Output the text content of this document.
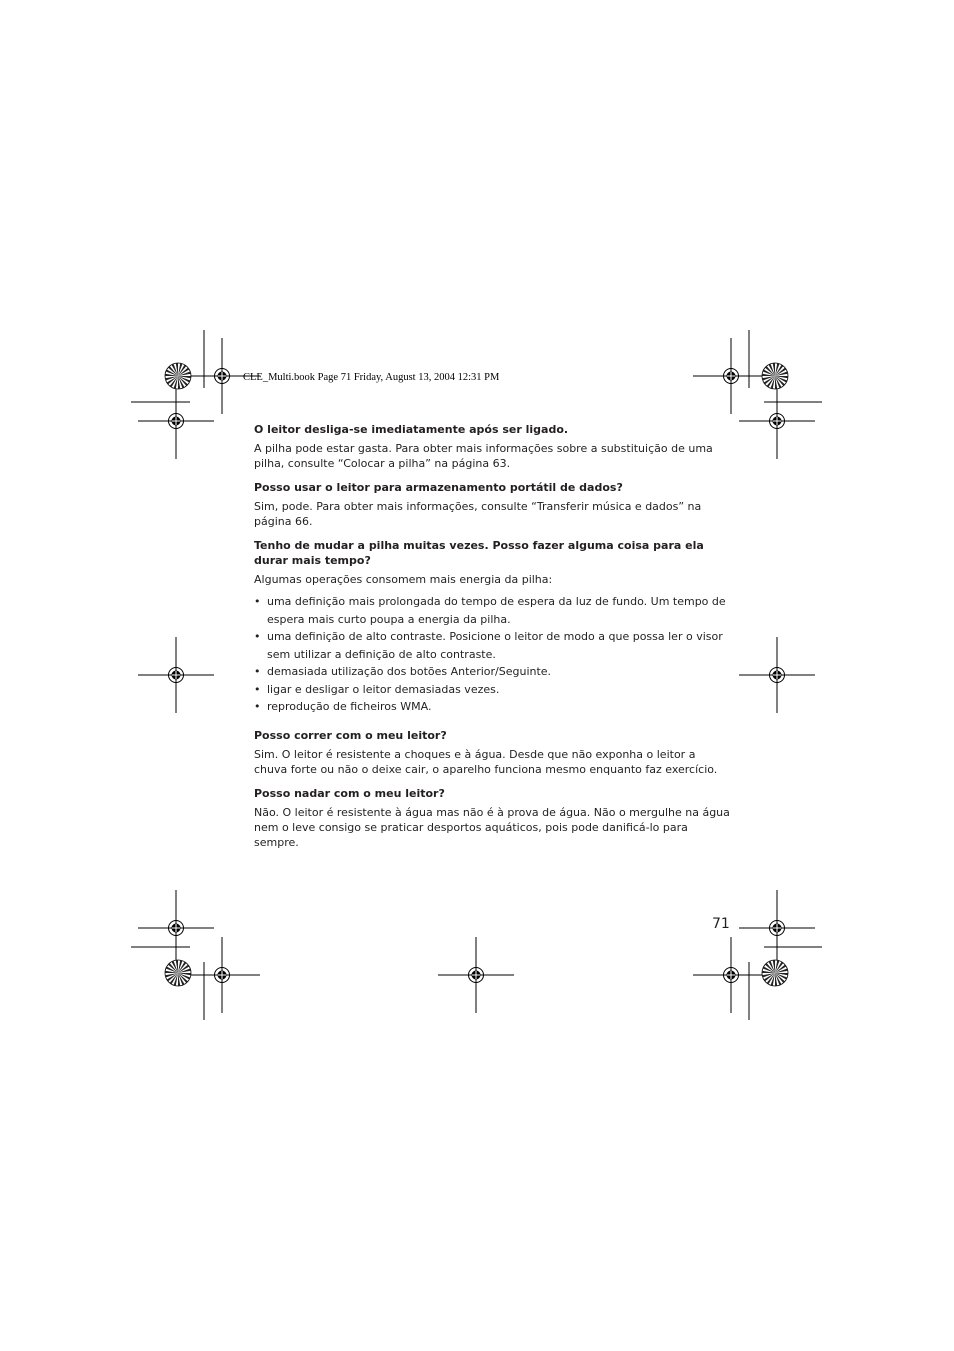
CLE_Multi.book Page 71 Friday, August 13, 2004 12:31 PM

O leitor desliga-se imediatamente após ser ligado.

A pilha pode estar gasta. Para obter mais informações sobre a substituição de uma pilha, consulte “Colocar a pilha” na página 63.

Posso usar o leitor para armazenamento portátil de dados?

Sim, pode. Para obter mais informações, consulte “Transferir música e dados” na página 66.

Tenho de mudar a pilha muitas vezes. Posso fazer alguma coisa para ela durar mais tempo?

Algumas operações consomem mais energia da pilha:

• uma definição mais prolongada do tempo de espera da luz de fundo. Um tempo de espera mais curto poupa a energia da pilha.
• uma definição de alto contraste. Posicione o leitor de modo a que possa ler o visor sem utilizar a definição de alto contraste.
• demasiada utilização dos botões Anterior/Seguinte.
• ligar e desligar o leitor demasiadas vezes.
• reprodução de ficheiros WMA.

Posso correr com o meu leitor?

Sim. O leitor é resistente a choques e à água. Desde que não exponha o leitor a chuva forte ou não o deixe cair, o aparelho funciona mesmo enquanto faz exercício.

Posso nadar com o meu leitor?

Não. O leitor é resistente à água mas não é à prova de água. Não o mergulhe na água nem o leve consigo se praticar desportos aquáticos, pois pode danificá-lo para sempre.

71
